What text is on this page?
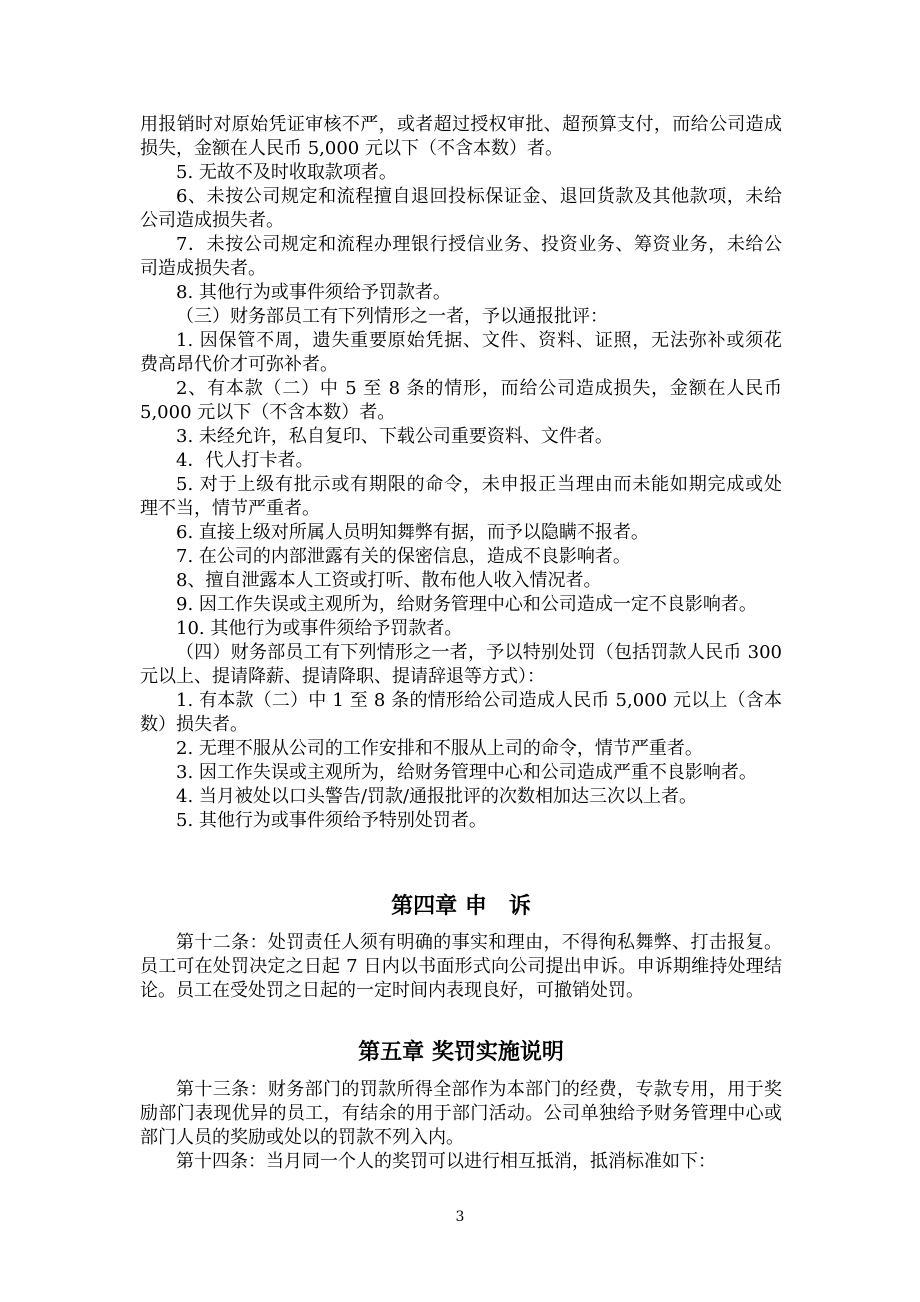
用报销时对原始凭证审核不严，或者超过授权审批、超预算支付，而给公司造成
损失，金额在人民币 5,000 元以下（不含本数）者。
5. 无故不及时收取款项者。
6、未按公司规定和流程擅自退回投标保证金、退回货款及其他款项，未给
公司造成损失者。
7．未按公司规定和流程办理银行授信业务、投资业务、筹资业务，未给公
司造成损失者。
8. 其他行为或事件须给予罚款者。
（三）财务部员工有下列情形之一者，予以通报批评：
1. 因保管不周，遗失重要原始凭据、文件、资料、证照，无法弥补或须花
费高昂代价才可弥补者。
2、有本款（二）中 5 至 8 条的情形，而给公司造成损失，金额在人民币
5,000 元以下（不含本数）者。
3. 未经允许，私自复印、下载公司重要资料、文件者。
4．代人打卡者。
5. 对于上级有批示或有期限的命令，未申报正当理由而未能如期完成或处
理不当，情节严重者。
6. 直接上级对所属人员明知舞弊有据，而予以隐瞒不报者。
7. 在公司的内部泄露有关的保密信息，造成不良影响者。
8、擅自泄露本人工资或打听、散布他人收入情况者。
9. 因工作失误或主观所为，给财务管理中心和公司造成一定不良影响者。
10. 其他行为或事件须给予罚款者。
（四）财务部员工有下列情形之一者，予以特别处罚（包括罚款人民币 300
元以上、提请降薪、提请降职、提请辞退等方式）：
1. 有本款（二）中 1 至 8 条的情形给公司造成人民币 5,000 元以上（含本
数）损失者。
2. 无理不服从公司的工作安排和不服从上司的命令，情节严重者。
3. 因工作失误或主观所为，给财务管理中心和公司造成严重不良影响者。
4. 当月被处以口头警告/罚款/通报批评的次数相加达三次以上者。
5. 其他行为或事件须给予特别处罚者。
第四章 申　诉
第十二条：处罚责任人须有明确的事实和理由，不得徇私舞弊、打击报复。
员工可在处罚决定之日起 7 日内以书面形式向公司提出申诉。申诉期维持处理结
论。员工在受处罚之日起的一定时间内表现良好，可撤销处罚。
第五章 奖罚实施说明
第十三条：财务部门的罚款所得全部作为本部门的经费，专款专用，用于奖
励部门表现优异的员工，有结余的用于部门活动。公司单独给予财务管理中心或
部门人员的奖励或处以的罚款不列入内。
第十四条：当月同一个人的奖罚可以进行相互抵消，抵消标准如下：
3
